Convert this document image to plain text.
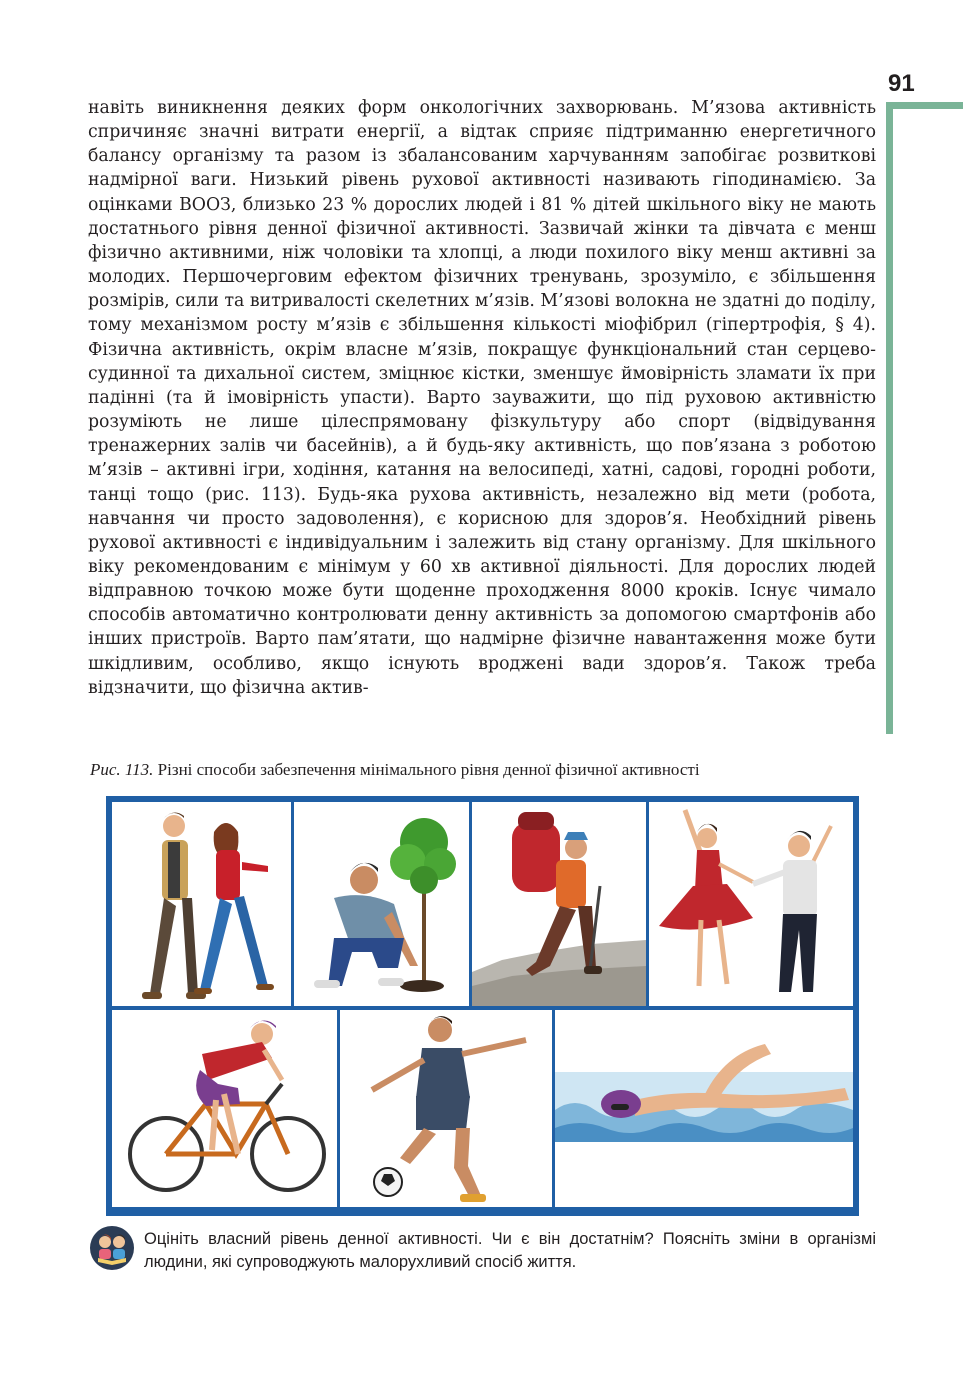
91

навіть виникнення деяких форм онкологічних захворювань. М’язова активність спричиняє значні витрати енергії, а відтак сприяє підтриманню енергетичного балансу організму та разом із збалансованим харчуванням запобігає розвиткові надмірної ваги. Низький рівень рухової активності називають гіподинамією. За оцінками ВООЗ, близько 23 % дорослих людей і 81 % дітей шкільного віку не мають достатнього рівня денної фізичної активності. Зазвичай жінки та дівчата є менш фізично активними, ніж чоловіки та хлопці, а люди похилого віку менш активні за молодих. Першочерговим ефектом фізичних тренувань, зрозуміло, є збільшення розмірів, сили та витривалості скелетних м’язів. М’язові волокна не здатні до поділу, тому механізмом росту м’язів є збільшення кількості міофібрил (гіпертрофія, § 4). Фізична активність, окрім власне м’язів, покращує функціональний стан серцево-судинної та дихальної систем, зміцнює кістки, зменшує ймовірність зламати їх при падінні (та й імовірність упасти). Варто зауважити, що під руховою активністю розуміють не лише цілеспрямовану фізкультуру або спорт (відвідування тренажерних залів чи басейнів), а й будь-яку активність, що пов’язана з роботою м’язів – активні ігри, ходіння, катання на велосипеді, хатні, садові, городні роботи, танці тощо (рис. 113). Будь-яка рухова активність, незалежно від мети (робота, навчання чи просто задоволення), є корисною для здоров’я. Необхідний рівень рухової активності є індивідуальним і залежить від стану організму. Для шкільного віку рекомендованим є мінімум у 60 хв активної діяльності. Для дорослих людей відправною точкою може бути щоденне проходження 8000 кроків. Існує чимало способів автоматично контролювати денну активність за допомогою смартфонів або інших пристроїв. Варто пам’ятати, що надмірне фізичне навантаження може бути шкідливим, особливо, якщо існують вроджені вади здоров’я. Також треба відзначити, що фізична актив-

Рис. 113. Різні способи забезпечення мінімального рівня денної фізичної активності

Оцініть власний рівень денної активності. Чи є він достатнім? Поясніть зміни в організмі людини, які супроводжують малорухливий спосіб життя.
